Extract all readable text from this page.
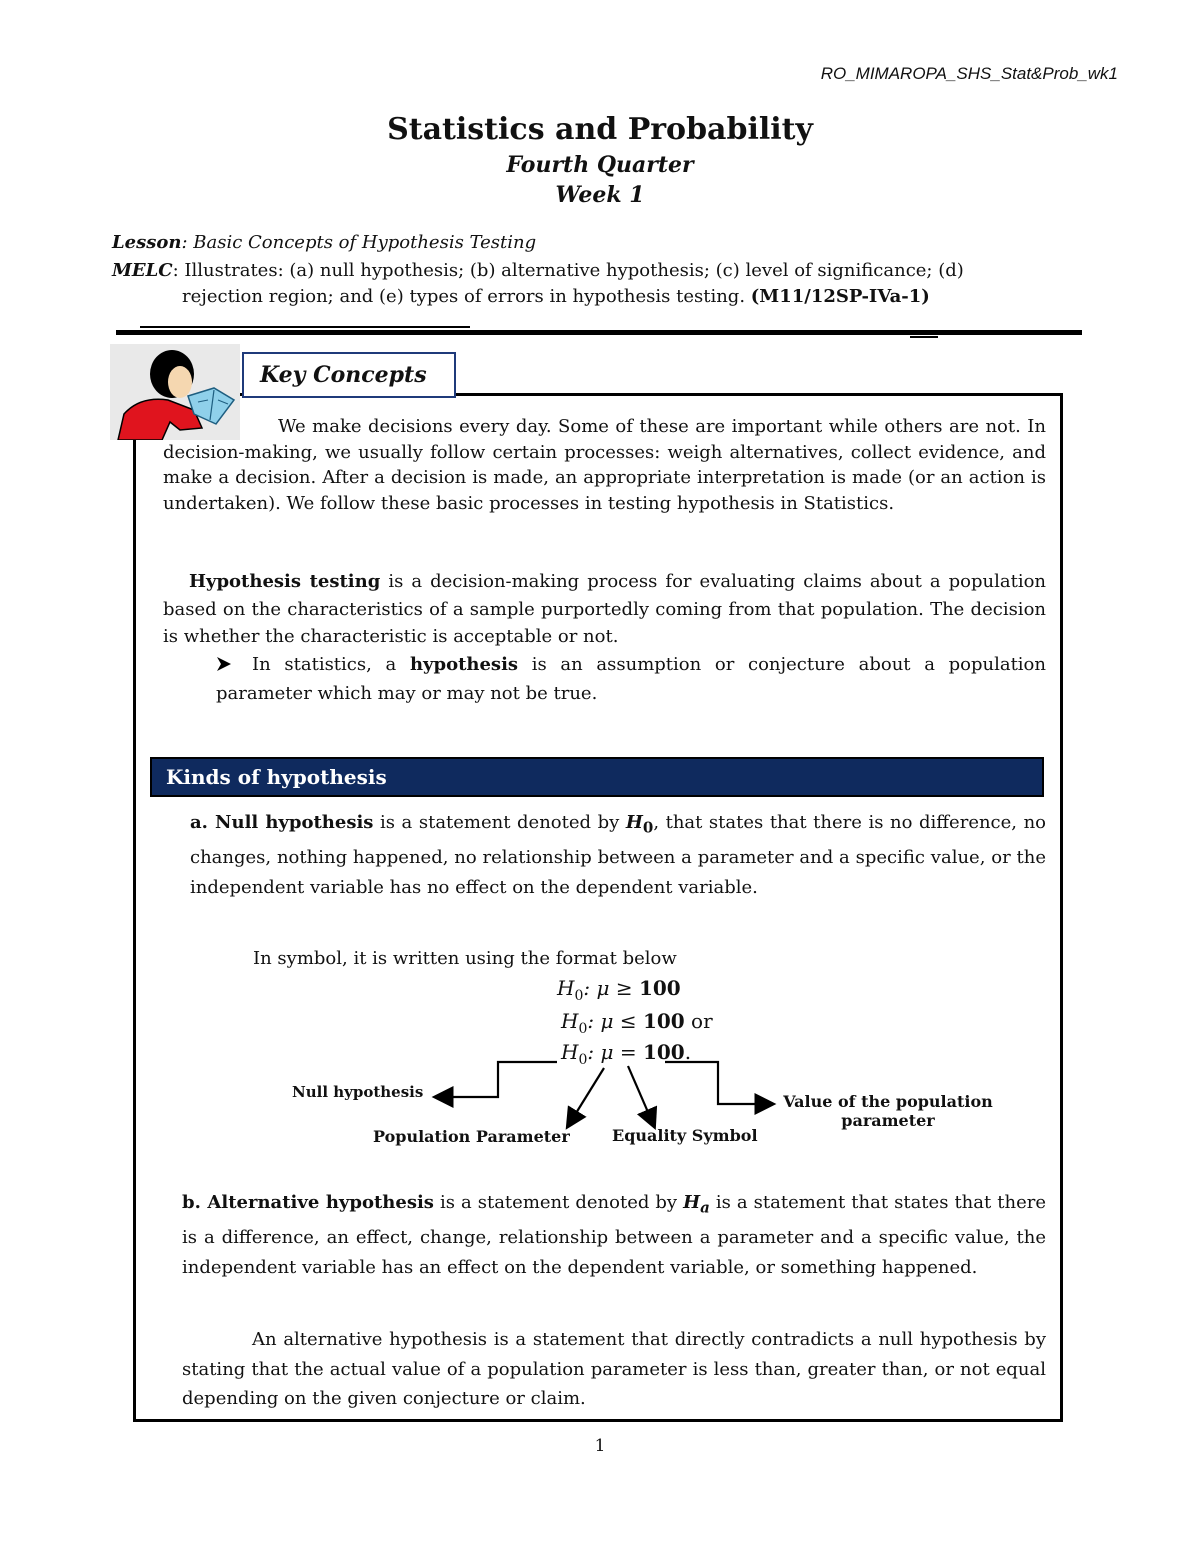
RO_MIMAROPA_SHS_Stat&Prob_wk1
Statistics and Probability
Fourth Quarter
Week 1
Lesson: Basic Concepts of Hypothesis Testing
MELC: Illustrates: (a) null hypothesis; (b) alternative hypothesis; (c) level of significance; (d)
rejection region; and (e) types of errors in hypothesis testing. (M11/12SP-IVa-1)
Key Concepts
We make decisions every day. Some of these are important while others are not. In decision-making, we usually follow certain processes: weigh alternatives, collect evidence, and make a decision. After a decision is made, an appropriate interpretation is made (or an action is undertaken). We follow these basic processes in testing hypothesis in Statistics.
Hypothesis testing is a decision-making process for evaluating claims about a population based on the characteristics of a sample purportedly coming from that population. The decision is whether the characteristic is acceptable or not.
In statistics, a hypothesis is an assumption or conjecture about a population parameter which may or may not be true.
Kinds of hypothesis
a. Null hypothesis is a statement denoted by $H_0$, that states that there is no difference, no changes, nothing happened, no relationship between a parameter and a specific value, or the independent variable has no effect on the dependent variable.
In symbol, it is written using the format below
$H_0$: μ ≥ 100
$H_0$: μ ≤ 100 or
$H_0$: μ = 100.
Null hypothesis
Population Parameter	Equality Symbol
Value of the population
parameter
b. Alternative hypothesis is a statement denoted by $H_a$ is a statement that states that there is a difference, an effect, change, relationship between a parameter and a specific value, the independent variable has an effect on the dependent variable, or something happened.
An alternative hypothesis is a statement that directly contradicts a null hypothesis by stating that the actual value of a population parameter is less than, greater than, or not equal depending on the given conjecture or claim.
1
